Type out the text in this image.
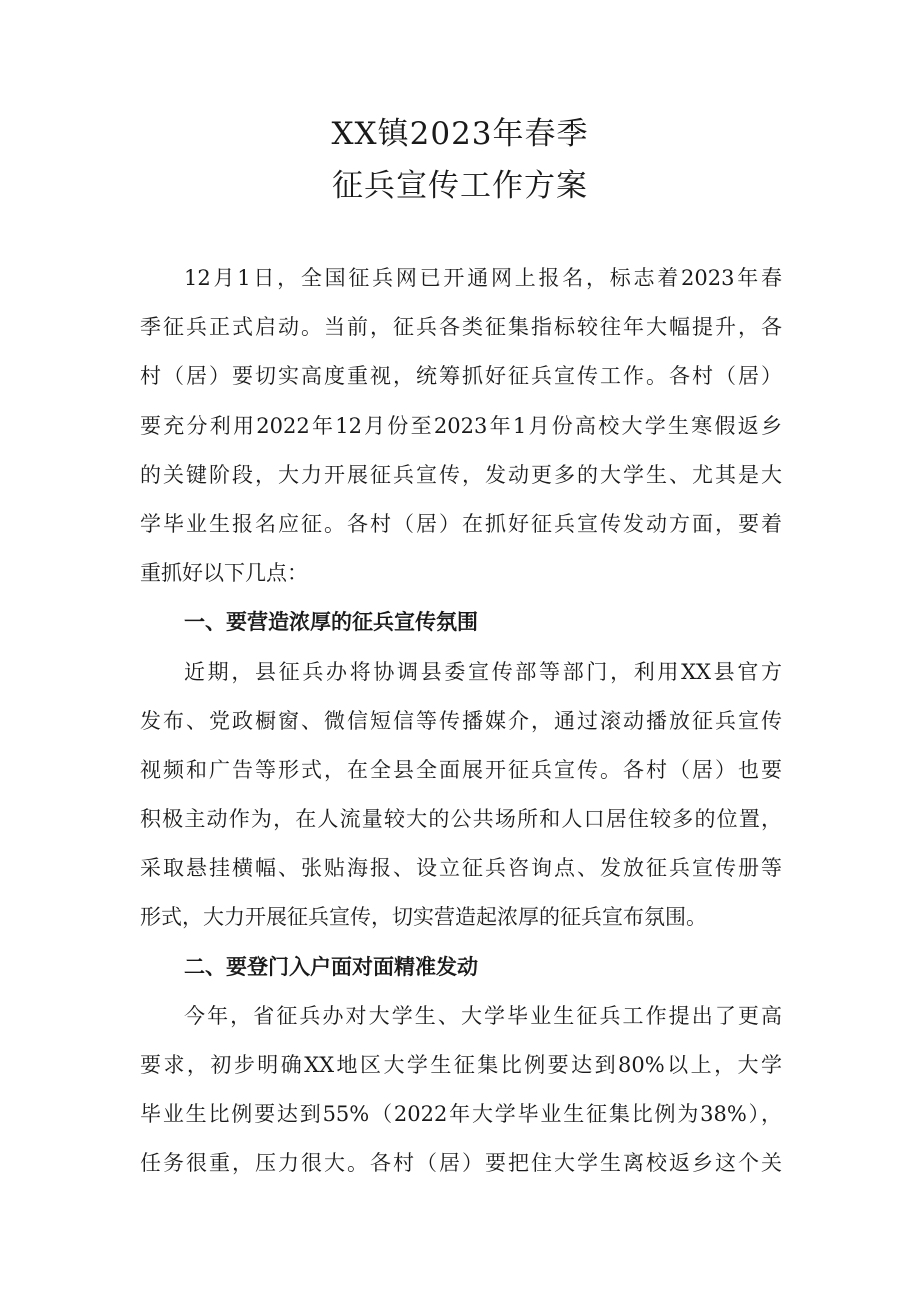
XX镇2023年春季
征兵宣传工作方案
12月1日，全国征兵网已开通网上报名，标志着2023年春
季征兵正式启动。当前，征兵各类征集指标较往年大幅提升，各
村（居）要切实高度重视，统筹抓好征兵宣传工作。各村（居）
要充分利用2022年12月份至2023年1月份高校大学生寒假返乡
的关键阶段，大力开展征兵宣传，发动更多的大学生、尤其是大
学毕业生报名应征。各村（居）在抓好征兵宣传发动方面，要着
重抓好以下几点：
一、要营造浓厚的征兵宣传氛围
近期，县征兵办将协调县委宣传部等部门，利用XX县官方
发布、党政橱窗、微信短信等传播媒介，通过滚动播放征兵宣传
视频和广告等形式，在全县全面展开征兵宣传。各村（居）也要
积极主动作为，在人流量较大的公共场所和人口居住较多的位置，
采取悬挂横幅、张贴海报、设立征兵咨询点、发放征兵宣传册等
形式，大力开展征兵宣传，切实营造起浓厚的征兵宣布氛围。
二、要登门入户面对面精准发动
今年，省征兵办对大学生、大学毕业生征兵工作提出了更高
要求，初步明确XX地区大学生征集比例要达到80%以上，大学
毕业生比例要达到55%（2022年大学毕业生征集比例为38%），
任务很重，压力很大。各村（居）要把住大学生离校返乡这个关
